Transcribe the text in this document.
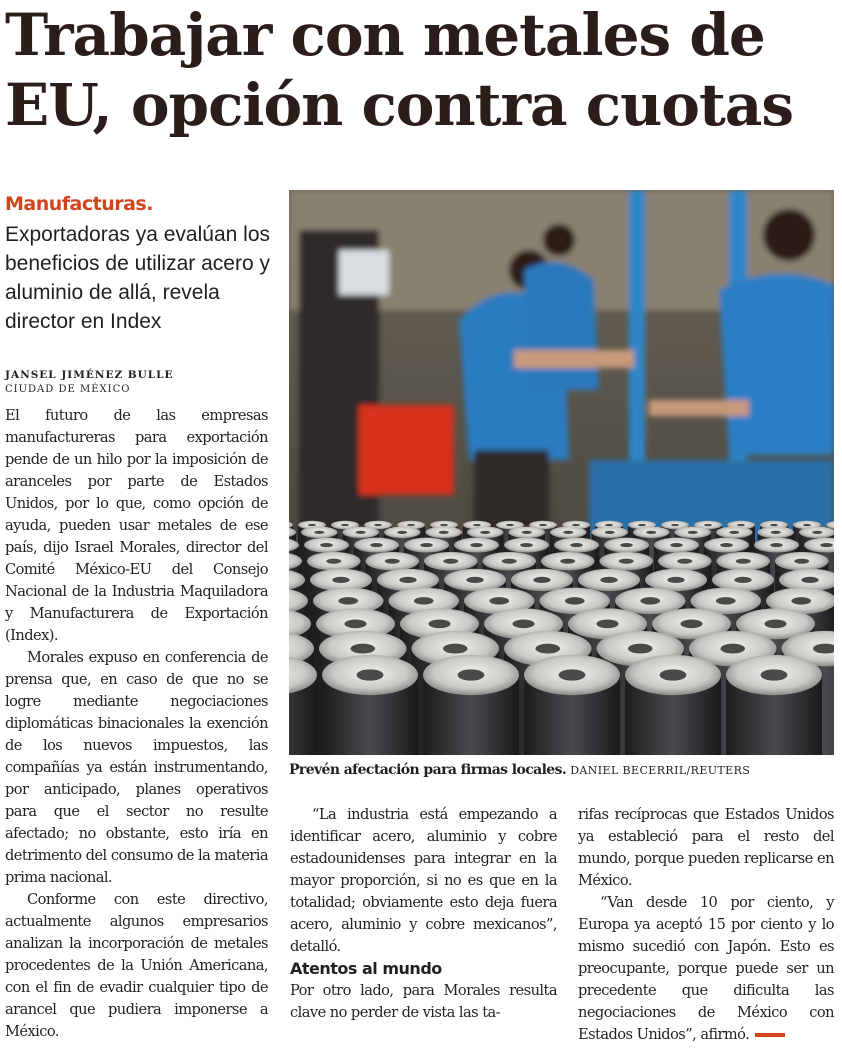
Trabajar con metales de
EU, opción contra cuotas
Manufacturas.
Exportadoras ya evalúan los beneficios de utilizar acero y aluminio de allá, revela director en Index
JANSEL JIMÉNEZ BULLE
CIUDAD DE MÉXICO

El futuro de las empresas manufactureras para exportación pende de un hilo por la imposición de aranceles por parte de Estados Unidos, por lo que, como opción de ayuda, pueden usar metales de ese país, dijo Israel Morales, director del Comité México-EU del Consejo Nacional de la Industria Maquiladora y Manufacturera de Exportación (Index).

Morales expuso en conferencia de prensa que, en caso de que no se logre mediante negociaciones diplomáticas binacionales la exención de los nuevos impuestos, las compañías ya están instrumentando, por anticipado, planes operativos para que el sector no resulte afectado; no obstante, esto iría en detrimento del consumo de la materia prima nacional.

Conforme con este directivo, actualmente algunos empresarios analizan la incorporación de metales procedentes de la Unión Americana, con el fin de evadir cualquier tipo de arancel que pudiera imponerse a México.

Prevén afectación para firmas locales. DANIEL BECERRIL/REUTERS

“La industria está empezando a identificar acero, aluminio y cobre estadounidenses para integrar en la mayor proporción, si no es que en la totalidad; obviamente esto deja fuera acero, aluminio y cobre mexicanos”, detalló.

Atentos al mundo

Por otro lado, para Morales resulta clave no perder de vista las ta-

rifas recíprocas que Estados Unidos ya estableció para el resto del mundo, porque pueden replicarse en México.

“Van desde 10 por ciento, y Europa ya aceptó 15 por ciento y lo mismo sucedió con Japón. Esto es preocupante, porque puede ser un precedente que dificulta las negociaciones de México con Estados Unidos”, afirmó.
